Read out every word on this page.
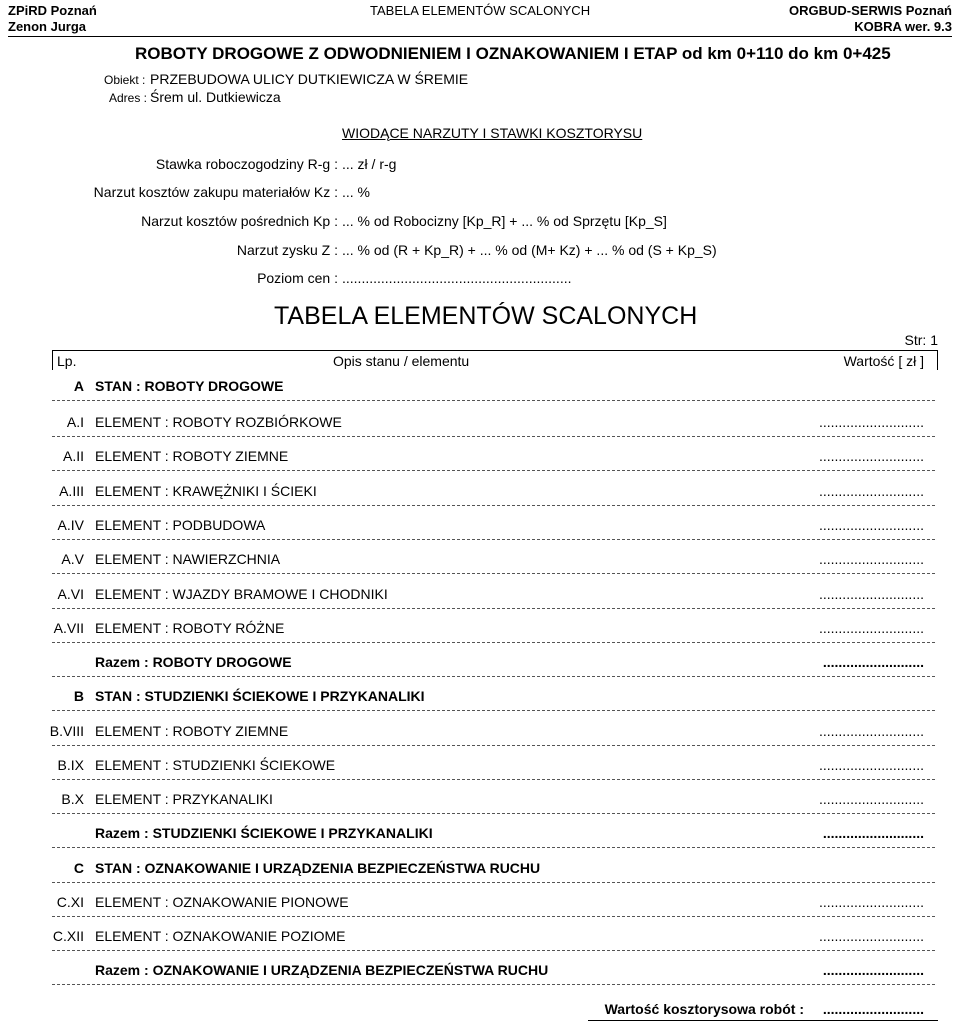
ZPiRD Poznań
Zenon Jurga
TABELA ELEMENTÓW SCALONYCH	ORGBUD-SERWIS Poznań
KOBRA wer. 9.3
ROBOTY DROGOWE Z ODWODNIENIEM I OZNAKOWANIEM I ETAP od km 0+110 do km 0+425
Obiekt : PRZEBUDOWA ULICY DUTKIEWICZA W ŚREMIE
Adres : Śrem ul. Dutkiewicza
WIODĄCE NARZUTY I STAWKI KOSZTORYSU
Stawka roboczogodziny R-g : ... zł / r-g
Narzut kosztów zakupu materiałów Kz : ... %
Narzut kosztów pośrednich Kp : ... % od Robocizny [Kp_R] + ... % od Sprzętu [Kp_S]
Narzut zysku Z : ... % od (R + Kp_R) + ... % od (M+ Kz) + ... % od (S + Kp_S)
Poziom cen : ...........................................................
TABELA ELEMENTÓW SCALONYCH
Str: 1
Lp.	Opis stanu / elementu	Wartość [ zł ]
A STAN : ROBOTY DROGOWE
A.I ELEMENT : ROBOTY ROZBIÓRKOWE	...........................
A.II ELEMENT : ROBOTY ZIEMNE	...........................
A.III ELEMENT : KRAWĘŻNIKI I ŚCIEKI	...........................
A.IV ELEMENT : PODBUDOWA	...........................
A.V ELEMENT : NAWIERZCHNIA	...........................
A.VI ELEMENT : WJAZDY BRAMOWE I CHODNIKI	...........................
A.VII ELEMENT : ROBOTY RÓŻNE	...........................
Razem : ROBOTY DROGOWE	..........................
B STAN : STUDZIENKI ŚCIEKOWE I PRZYKANALIKI
B.VIII ELEMENT : ROBOTY ZIEMNE	...........................
B.IX ELEMENT : STUDZIENKI ŚCIEKOWE	...........................
B.X ELEMENT : PRZYKANALIKI	...........................
Razem : STUDZIENKI ŚCIEKOWE I PRZYKANALIKI	..........................
C STAN : OZNAKOWANIE I URZĄDZENIA BEZPIECZEŃSTWA RUCHU
C.XI ELEMENT : OZNAKOWANIE PIONOWE	...........................
C.XII ELEMENT : OZNAKOWANIE POZIOME	...........................
Razem : OZNAKOWANIE I URZĄDZENIA BEZPIECZEŃSTWA RUCHU	..........................
Wartość kosztorysowa robót : ..........................
